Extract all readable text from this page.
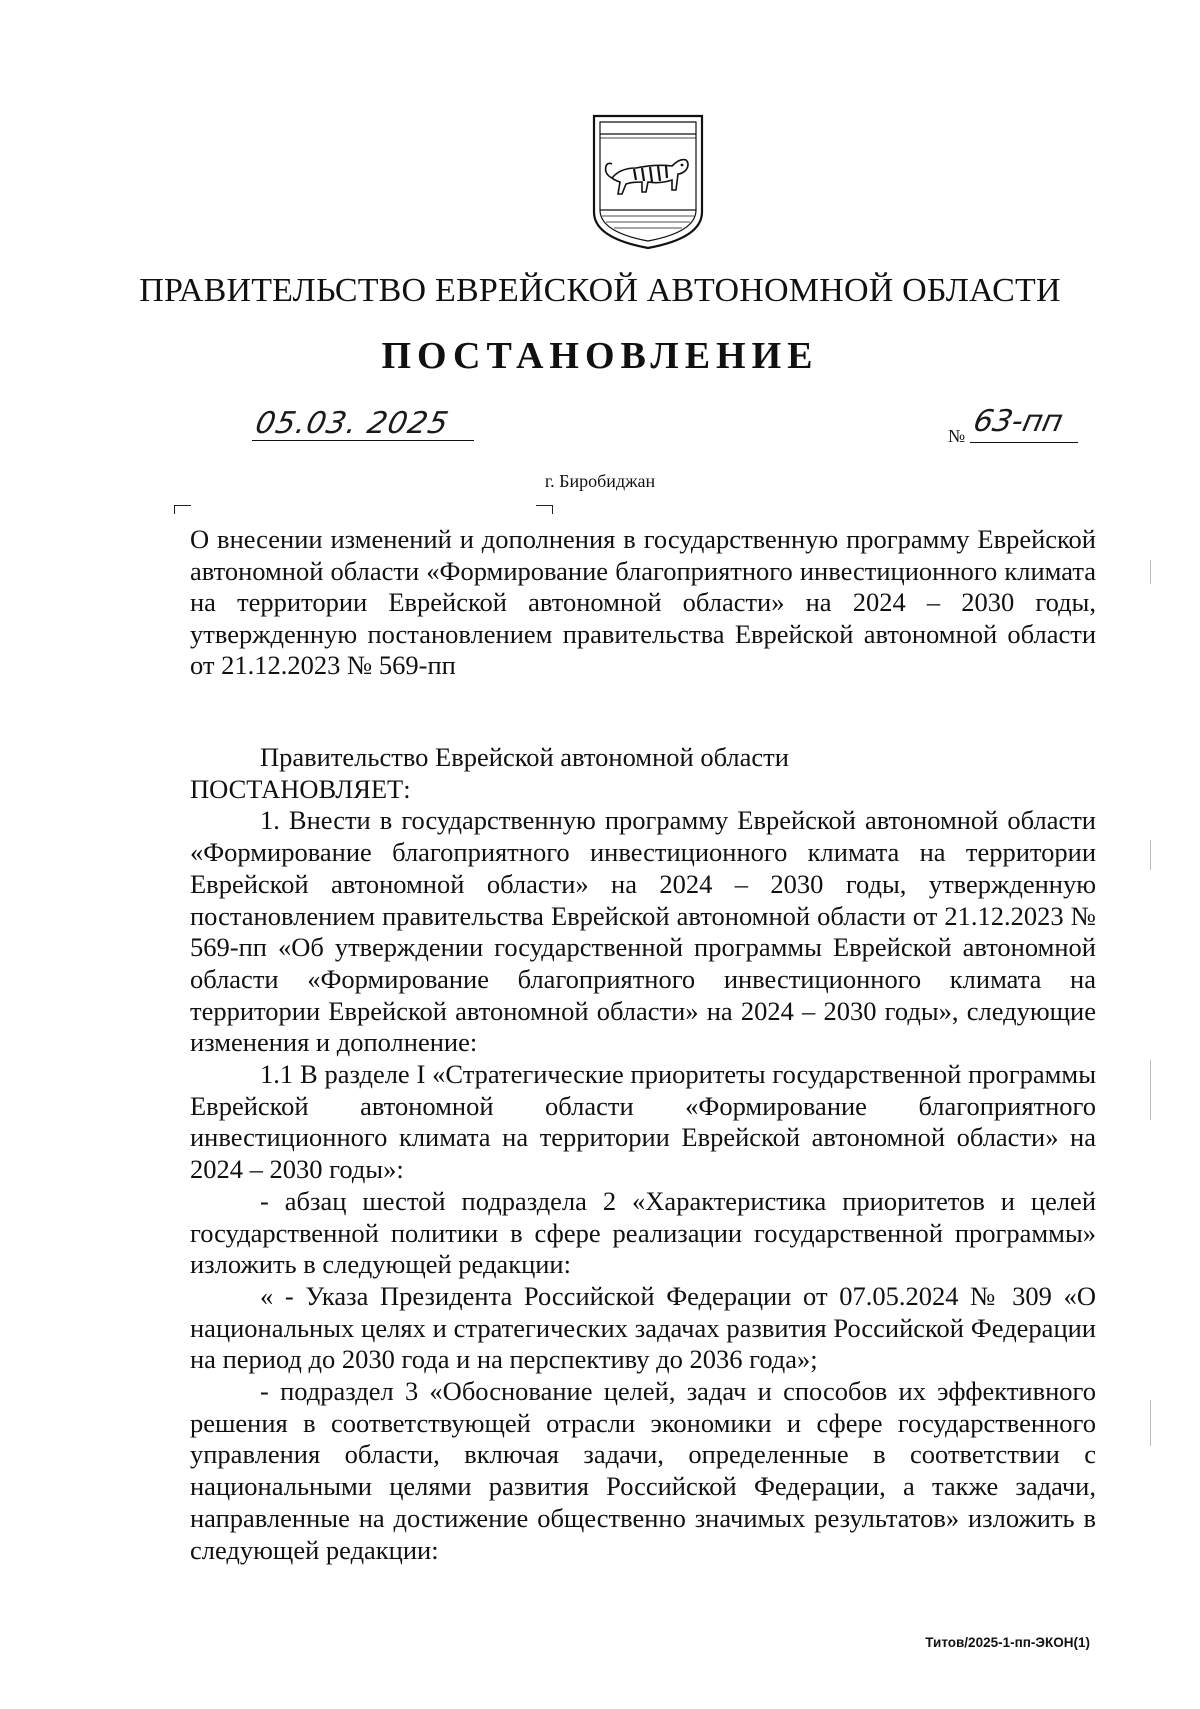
ПРАВИТЕЛЬСТВО ЕВРЕЙСКОЙ АВТОНОМНОЙ ОБЛАСТИ
ПОСТАНОВЛЕНИЕ
05.03. 2025	№ 63-пп
г. Биробиджан
О внесении изменений и дополнения в государственную программу Еврейской автономной области «Формирование благоприятного инвестиционного климата на территории Еврейской автономной области» на 2024 – 2030 годы, утвержденную постановлением правительства Еврейской автономной области от 21.12.2023 № 569-пп

Правительство Еврейской автономной области

ПОСТАНОВЛЯЕТ:

1. Внести в государственную программу Еврейской автономной области «Формирование благоприятного инвестиционного климата на территории Еврейской автономной области» на 2024 – 2030 годы, утвержденную постановлением правительства Еврейской автономной области от 21.12.2023 № 569-пп «Об утверждении государственной программы Еврейской автономной области «Формирование благоприятного инвестиционного климата на территории Еврейской автономной области» на 2024 – 2030 годы», следующие изменения и дополнение:

1.1 В разделе I «Стратегические приоритеты государственной программы Еврейской автономной области «Формирование благоприятного инвестиционного климата на территории Еврейской автономной области» на 2024 – 2030 годы»:

- абзац шестой подраздела 2 «Характеристика приоритетов и целей государственной политики в сфере реализации государственной программы» изложить в следующей редакции:

« - Указа Президента Российской Федерации от 07.05.2024 № 309 «О национальных целях и стратегических задачах развития Российской Федерации на период до 2030 года и на перспективу до 2036 года»;

- подраздел 3 «Обоснование целей, задач и способов их эффективного решения в соответствующей отрасли экономики и сфере государственного управления области, включая задачи, определенные в соответствии с национальными целями развития Российской Федерации, а также задачи, направленные на достижение общественно значимых результатов» изложить в следующей редакции:

Титов/2025-1-пп-ЭКОН(1)
